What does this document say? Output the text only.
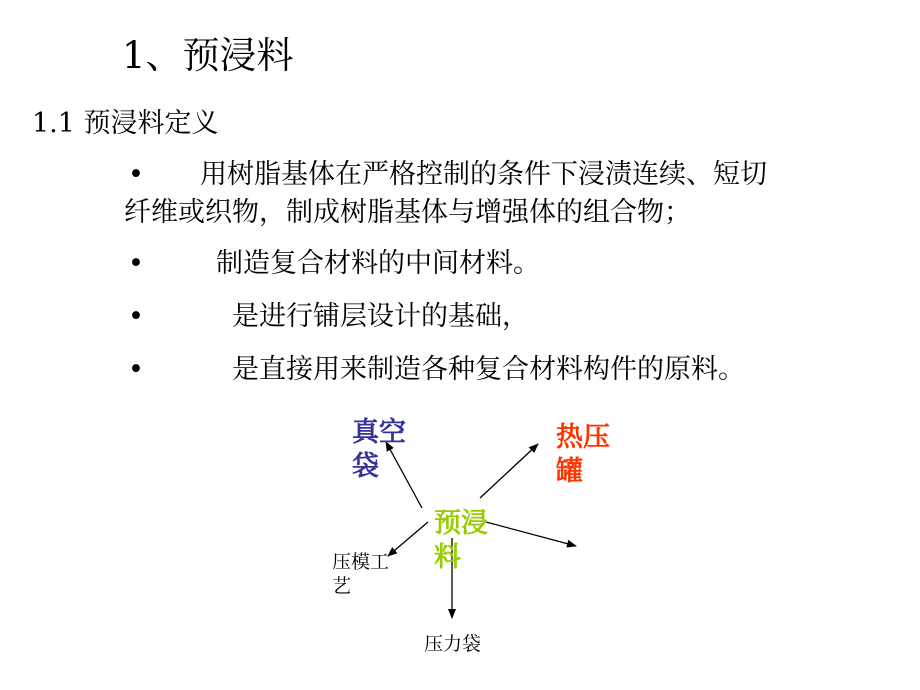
1、预浸料
1.1 预浸料定义
• 用树脂基体在严格控制的条件下浸渍连续、短切
纤维或织物，制成树脂基体与增强体的组合物；
•	制造复合材料的中间材料。
•	是进行铺层设计的基础，
•	是直接用来制造各种复合材料构件的原料。
真空袋
热压罐
预浸料
压模工艺
压力袋
